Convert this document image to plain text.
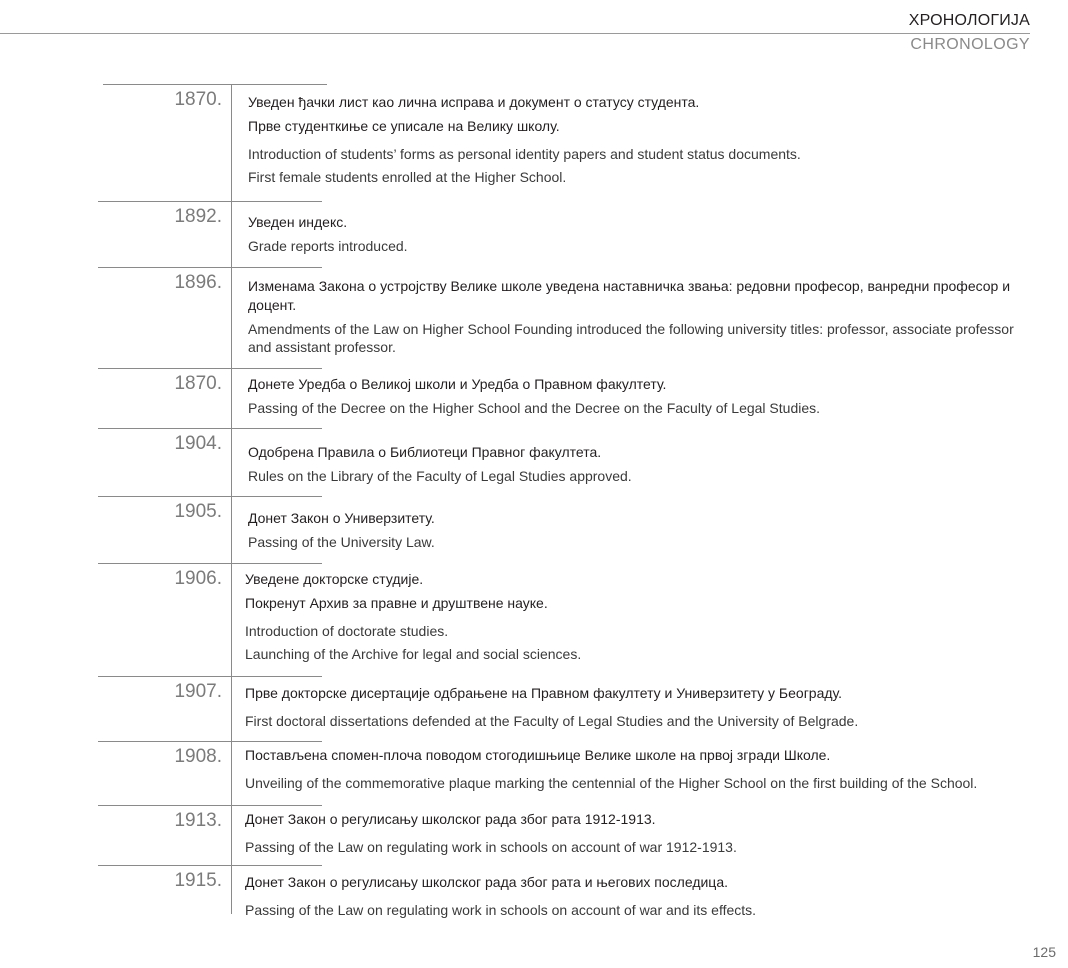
ХРОНОЛОГИЈА
CHRONOLOGY
1870. Уведен ђачки лист као лична исправа и документ о статусу студента.
Прве студенткиње се уписале на Велику школу.
Introduction of students’ forms as personal identity papers and student status documents.
First female students enrolled at the Higher School.
1892. Уведен индекс.
Grade reports introduced.
1896. Изменама Закона о устројству Велике школе уведена наставничка звања: редовни професор, ванредни професор и доцент.
Amendments of the Law on Higher School Founding introduced the following university titles: professor, associate professor and assistant professor.
1870. Донете Уредба о Великој школи и Уредба о Правном факултету.
Passing of the Decree on the Higher School and the Decree on the Faculty of Legal Studies.
1904. Одобрена Правила о Библиотеци Правног факултета.
Rules on the Library of the Faculty of Legal Studies approved.
1905. Донет Закон о Универзитету.
Passing of the University Law.
1906. Уведене докторске студије.
Покренут Архив за правне и друштвене науке.
Introduction of doctorate studies.
Launching of the Archive for legal and social sciences.
1907. Прве докторске дисертације одбрањене на Правном факултету и Универзитету у Београду.
First doctoral dissertations defended at the Faculty of Legal Studies and the University of Belgrade.
1908. Постављена спомен-плоча поводом стогодишњице Велике школе на првој згради Школе.
Unveiling of the commemorative plaque marking the centennial of the Higher School on the first building of the School.
1913. Донет Закон о регулисању школског рада због рата 1912-1913.
Passing of the Law on regulating work in schools on account of war 1912-1913.
1915. Донет Закон о регулисању школског рада због рата и његових последица.
Passing of the Law on regulating work in schools on account of war and its effects.
125
